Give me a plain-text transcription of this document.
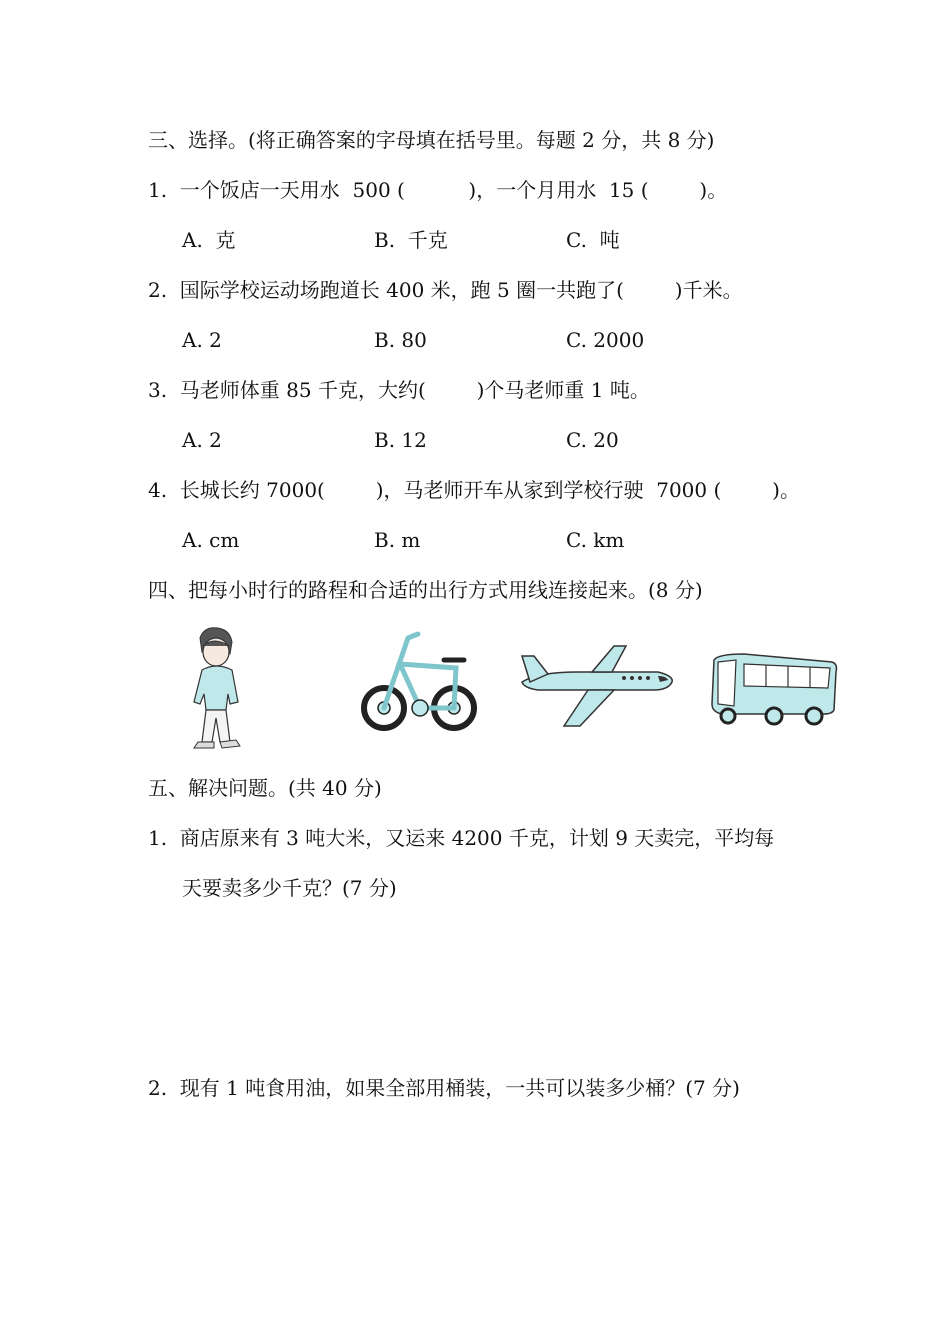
三、选择。(将正确答案的字母填在括号里。每题 2 分，共 8 分)
1.  一个饭店一天用水  500 (          )，一个月用水  15 (        )。
A.  克	B.  千克	C.  吨
2.  国际学校运动场跑道长 400 米，跑 5 圈一共跑了(        )千米。
A. 2	B. 80	C. 2000
3.  马老师体重 85 千克，大约(        )个马老师重 1 吨。
A. 2	B. 12	C. 20
4.  长城长约 7000(        )，马老师开车从家到学校行驶  7000 (        )。
A. cm	B. m	C. km
四、把每小时行的路程和合适的出行方式用线连接起来。(8 分)
五、解决问题。(共 40 分)
1.  商店原来有 3 吨大米，又运来 4200 千克，计划 9 天卖完，平均每
天要卖多少千克？(7 分)
2.  现有 1 吨食用油，如果全部用桶装，一共可以装多少桶？(7 分)
